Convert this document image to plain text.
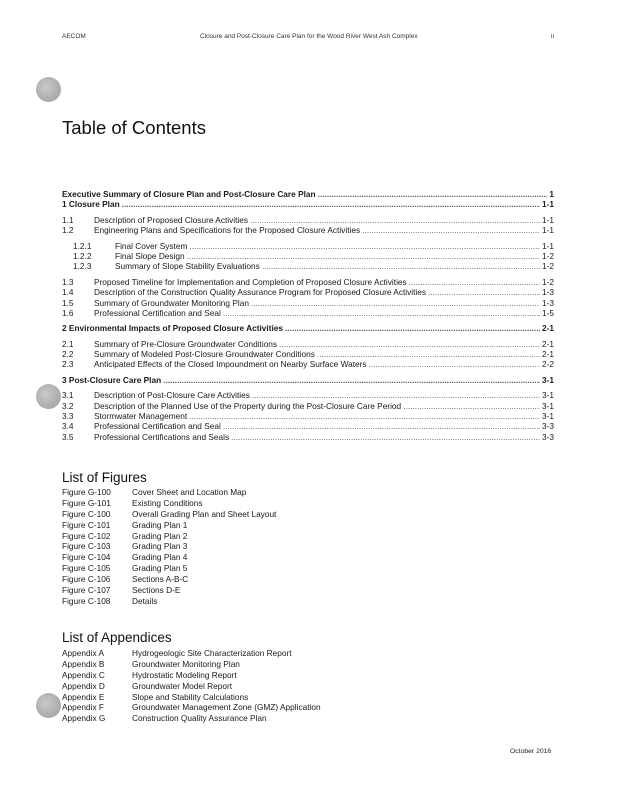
AECOM	Closure and Post-Closure Care Plan for the Wood River West Ash Complex	ii
Table of Contents
Executive Summary of Closure Plan and Post-Closure Care Plan .....	1
1 Closure Plan .....	1-1
1.1	Description of Proposed Closure Activities .....	1-1
1.2	Engineering Plans and Specifications for the Proposed Closure Activities .....	1-1
1.2.1	Final Cover System .....	1-1
1.2.2	Final Slope Design .....	1-2
1.2.3	Summary of Slope Stability Evaluations .....	1-2
1.3	Proposed Timeline for Implementation and Completion of Proposed Closure Activities .....	1-2
1.4	Description of the Construction Quality Assurance Program for Proposed Closure Activities .....	1-3
1.5	Summary of Groundwater Monitoring Plan .....	1-3
1.6	Professional Certification and Seal .....	1-5
2 Environmental Impacts of Proposed Closure Activities .....	2-1
2.1	Summary of Pre-Closure Groundwater Conditions .....	2-1
2.2	Summary of Modeled Post-Closure Groundwater Conditions .....	2-1
2.3	Anticipated Effects of the Closed Impoundment on Nearby Surface Waters .....	2-2
3 Post-Closure Care Plan .....	3-1
3.1	Description of Post-Closure Care Activities .....	3-1
3.2	Description of the Planned Use of the Property during the Post-Closure Care Period .....	3-1
3.3	Stormwater Management .....	3-1
3.4	Professional Certification and Seal .....	3-3
3.5	Professional Certifications and Seals .....	3-3
List of Figures
Figure G-100	Cover Sheet and Location Map
Figure G-101	Existing Conditions
Figure C-100	Overall Grading Plan and Sheet Layout
Figure C-101	Grading Plan 1
Figure C-102	Grading Plan 2
Figure C-103	Grading Plan 3
Figure C-104	Grading Plan 4
Figure C-105	Grading Plan 5
Figure C-106	Sections A-B-C
Figure C-107	Sections D-E
Figure C-108	Details
List of Appendices
Appendix A	Hydrogeologic Site Characterization Report
Appendix B	Groundwater Monitoring Plan
Appendix C	Hydrostatic Modeling Report
Appendix D	Groundwater Model Report
Appendix E	Slope and Stability Calculations
Appendix F	Groundwater Management Zone (GMZ) Application
Appendix G	Construction Quality Assurance Plan
October 2016
